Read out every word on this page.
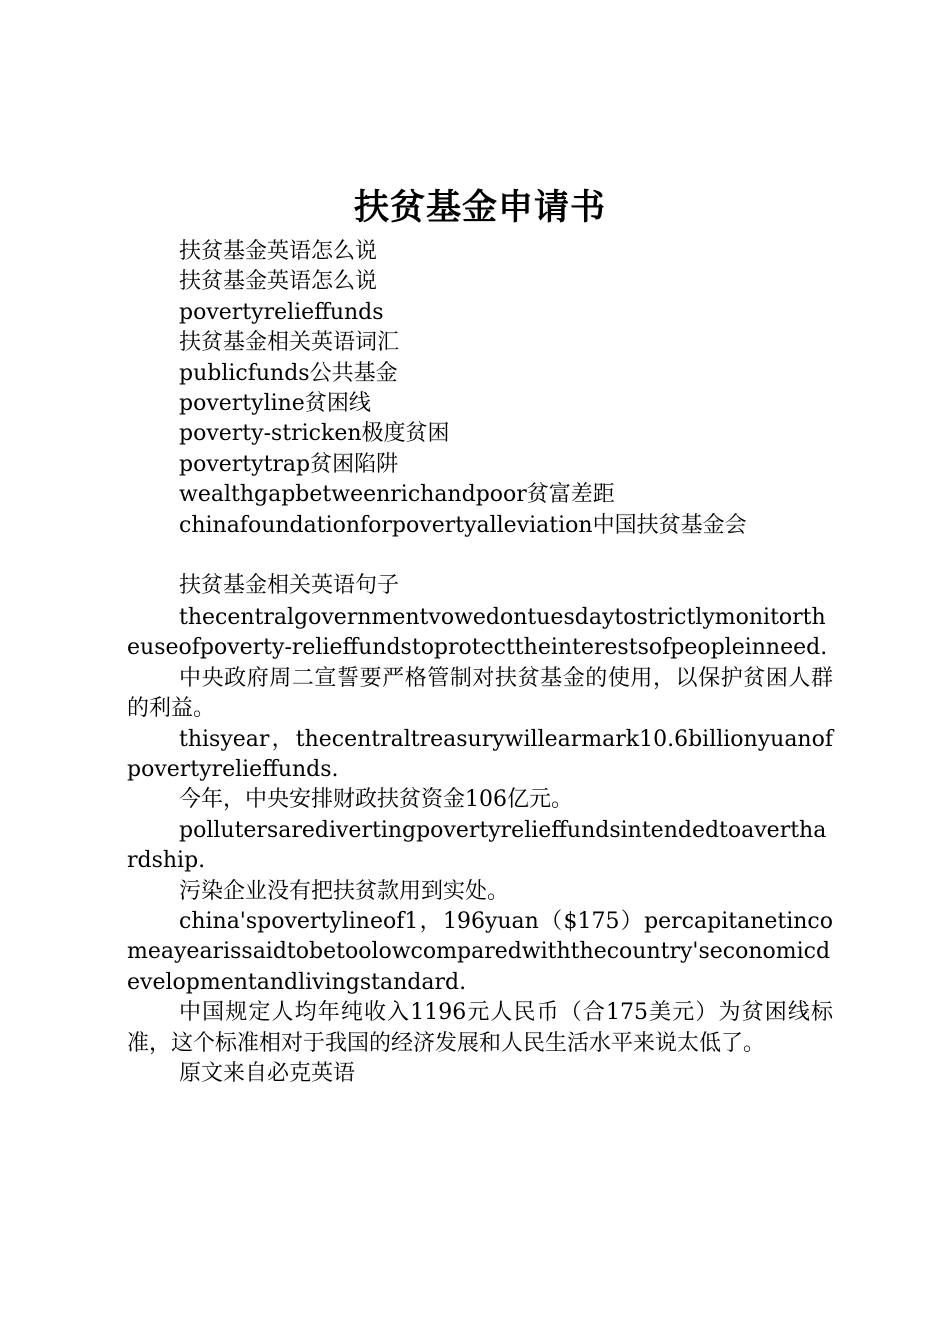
扶贫基金申请书
扶贫基金英语怎么说
扶贫基金英语怎么说
povertyrelieffunds
扶贫基金相关英语词汇
publicfunds公共基金
povertyline贫困线
poverty-stricken极度贫困
povertytrap贫困陷阱
wealthgapbetweenrichandpoor贫富差距
chinafoundationforpovertyalleviation中国扶贫基金会
扶贫基金相关英语句子

thecentralgovernmentvowedontuesdaytostrictlymonitortheuseofpoverty-relieffundstoprotecttheinterestsofpeopleinneed.

中央政府周二宣誓要严格管制对扶贫基金的使用，以保护贫困人群的利益。

thisyear，thecentraltreasurywillearmark10.6billionyuanofpovertyrelieffunds.

今年，中央安排财政扶贫资金106亿元。

pollutersaredivertingpovertyrelieffundsintendedtoaverthardship.

污染企业没有把扶贫款用到实处。

china'spovertylineof1，196yuan（$175）percapitanetincomeayearissaidtobetoolowcomparedwiththecountry'seconomicdevelopmentandlivingstandard.

中国规定人均年纯收入1196元人民币（合175美元）为贫困线标准，这个标准相对于我国的经济发展和人民生活水平来说太低了。

原文来自必克英语
